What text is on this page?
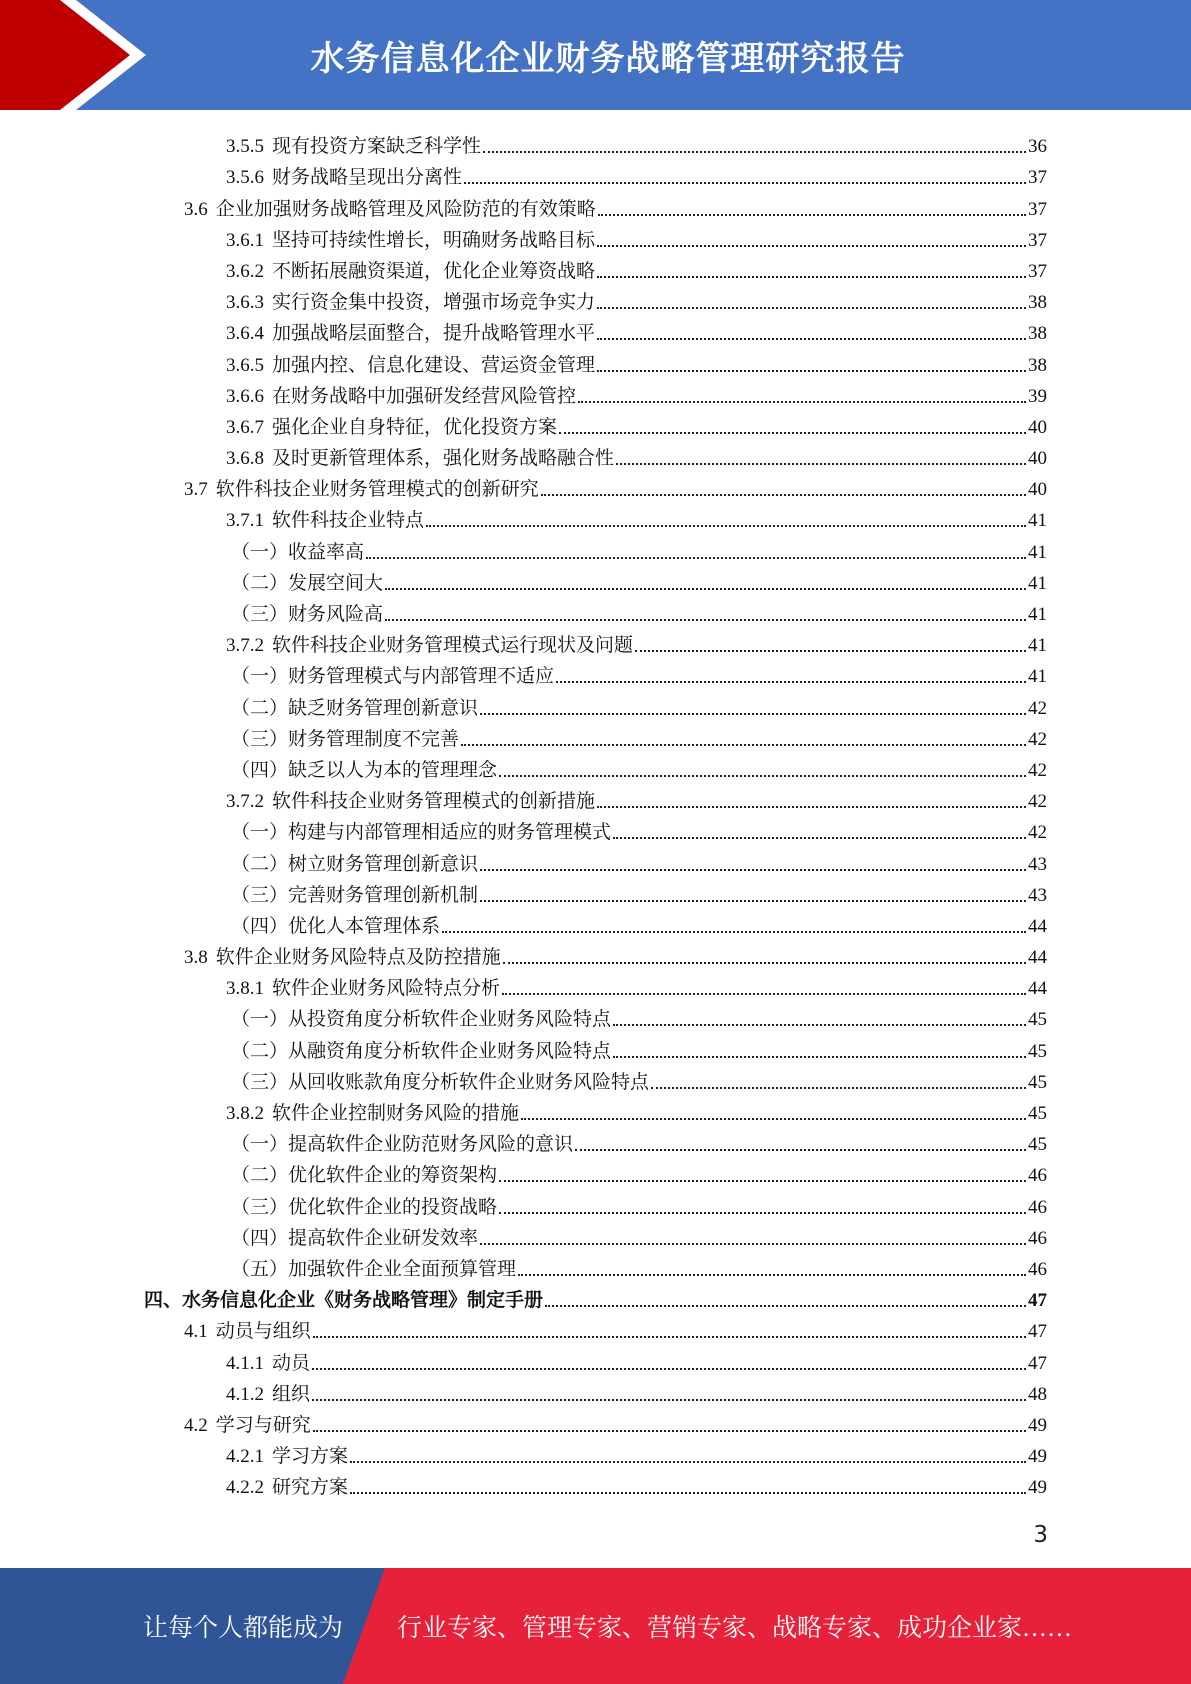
水务信息化企业财务战略管理研究报告
3.5.5 现有投资方案缺乏科学性	36
3.5.6 财务战略呈现出分离性	37
3.6 企业加强财务战略管理及风险防范的有效策略	37
3.6.1 坚持可持续性增长，明确财务战略目标	37
3.6.2 不断拓展融资渠道，优化企业筹资战略	37
3.6.3 实行资金集中投资，增强市场竞争实力	38
3.6.4 加强战略层面整合，提升战略管理水平	38
3.6.5 加强内控、信息化建设、营运资金管理	38
3.6.6 在财务战略中加强研发经营风险管控	39
3.6.7 强化企业自身特征，优化投资方案	40
3.6.8 及时更新管理体系，强化财务战略融合性	40
3.7 软件科技企业财务管理模式的创新研究	40
3.7.1 软件科技企业特点	41
（一）收益率高	41
（二）发展空间大	41
（三）财务风险高	41
3.7.2 软件科技企业财务管理模式运行现状及问题	41
（一）财务管理模式与内部管理不适应	41
（二）缺乏财务管理创新意识	42
（三）财务管理制度不完善	42
（四）缺乏以人为本的管理理念	42
3.7.2 软件科技企业财务管理模式的创新措施	42
（一）构建与内部管理相适应的财务管理模式	42
（二）树立财务管理创新意识	43
（三）完善财务管理创新机制	43
（四）优化人本管理体系	44
3.8 软件企业财务风险特点及防控措施	44
3.8.1 软件企业财务风险特点分析	44
（一）从投资角度分析软件企业财务风险特点	45
（二）从融资角度分析软件企业财务风险特点	45
（三）从回收账款角度分析软件企业财务风险特点	45
3.8.2 软件企业控制财务风险的措施	45
（一）提高软件企业防范财务风险的意识	45
（二）优化软件企业的筹资架构	46
（三）优化软件企业的投资战略	46
（四）提高软件企业研发效率	46
（五）加强软件企业全面预算管理	46
四、水务信息化企业《财务战略管理》制定手册	47
4.1 动员与组织	47
4.1.1 动员	47
4.1.2 组织	48
4.2 学习与研究	49
4.2.1 学习方案	49
4.2.2 研究方案	49
3
让每个人都能成为 行业专家、管理专家、营销专家、战略专家、成功企业家……
